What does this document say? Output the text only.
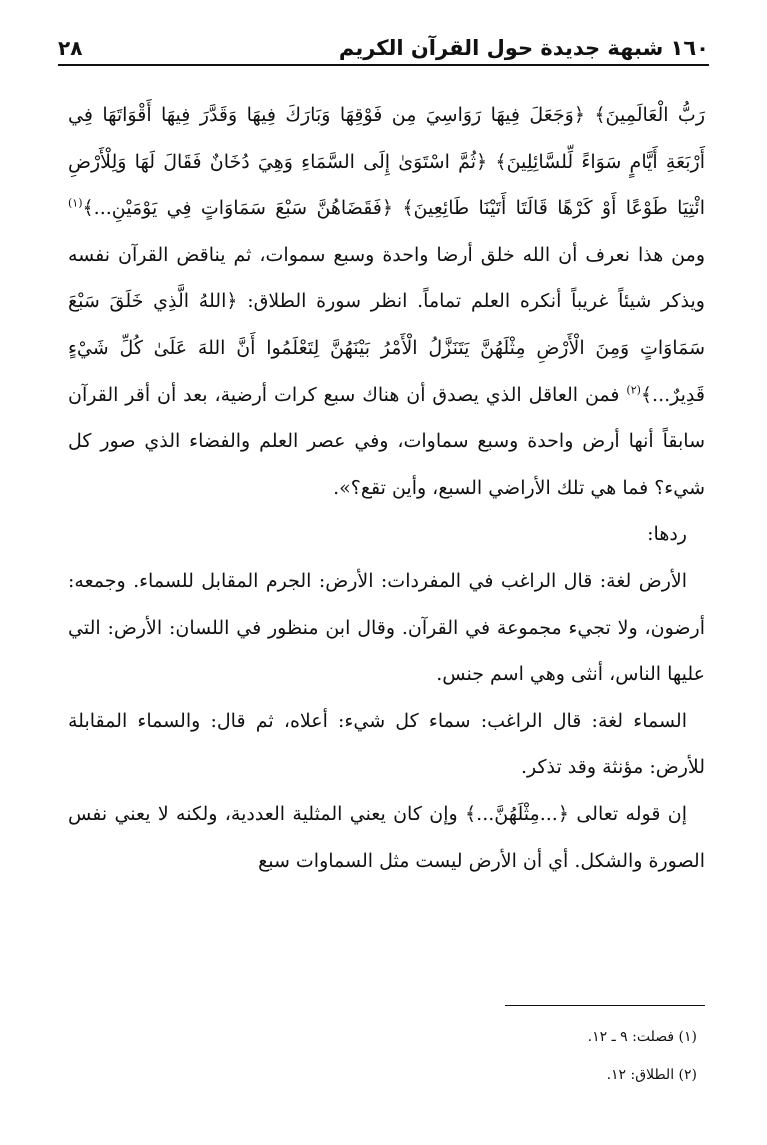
١٦٠ شبهة جديدة حول القرآن الكريم
٢٨

رَبُّ الْعَالَمِينَ﴾ ﴿وَجَعَلَ فِيهَا رَوَاسِيَ مِن فَوْقِهَا وَبَارَكَ فِيهَا وَقَدَّرَ فِيهَا أَقْوَاتَهَا فِي أَرْبَعَةِ أَيَّامٍ سَوَاءً لِّلسَّائِلِينَ﴾ ﴿ثُمَّ اسْتَوَىٰ إِلَى السَّمَاءِ وَهِيَ دُخَانٌ فَقَالَ لَهَا وَلِلْأَرْضِ ائْتِيَا طَوْعًا أَوْ كَرْهًا قَالَتَا أَتَيْنَا طَائِعِينَ﴾ ﴿فَقَضَاهُنَّ سَبْعَ سَمَاوَاتٍ فِي يَوْمَيْنِ...﴾$^{(١)}$ ومن هذا نعرف أن الله خلق أرضا واحدة وسبع سموات، ثم يناقض القرآن نفسه ويذكر شيئاً غريباً أنكره العلم تماماً. انظر سورة الطلاق: ﴿اللهُ الَّذِي خَلَقَ سَبْعَ سَمَاوَاتٍ وَمِنَ الْأَرْضِ مِثْلَهُنَّ يَتَنَزَّلُ الْأَمْرُ بَيْنَهُنَّ لِتَعْلَمُوا أَنَّ اللهَ عَلَىٰ كُلِّ شَيْءٍ قَدِيرٌ...﴾$^{(٢)}$ فمن العاقل الذي يصدق أن هناك سبع كرات أرضية، بعد أن أقر القرآن سابقاً أنها أرض واحدة وسبع سماوات، وفي عصر العلم والفضاء الذي صور كل شيء؟ فما هي تلك الأراضي السبع، وأين تقع؟».

ردها:

الأرض لغة: قال الراغب في المفردات: الأرض: الجرم المقابل للسماء. وجمعه: أرضون، ولا تجيء مجموعة في القرآن. وقال ابن منظور في اللسان: الأرض: التي عليها الناس، أنثى وهي اسم جنس.

السماء لغة: قال الراغب: سماء كل شيء: أعلاه، ثم قال: والسماء المقابلة للأرض: مؤنثة وقد تذكر.

إن قوله تعالى ﴿...مِثْلَهُنَّ...﴾ وإن كان يعني المثلية العددية، ولكنه لا يعني نفس الصورة والشكل. أي أن الأرض ليست مثل السماوات سبع

(١) فصلت: ٩ ـ ١٢.

(٢) الطلاق: ١٢.
